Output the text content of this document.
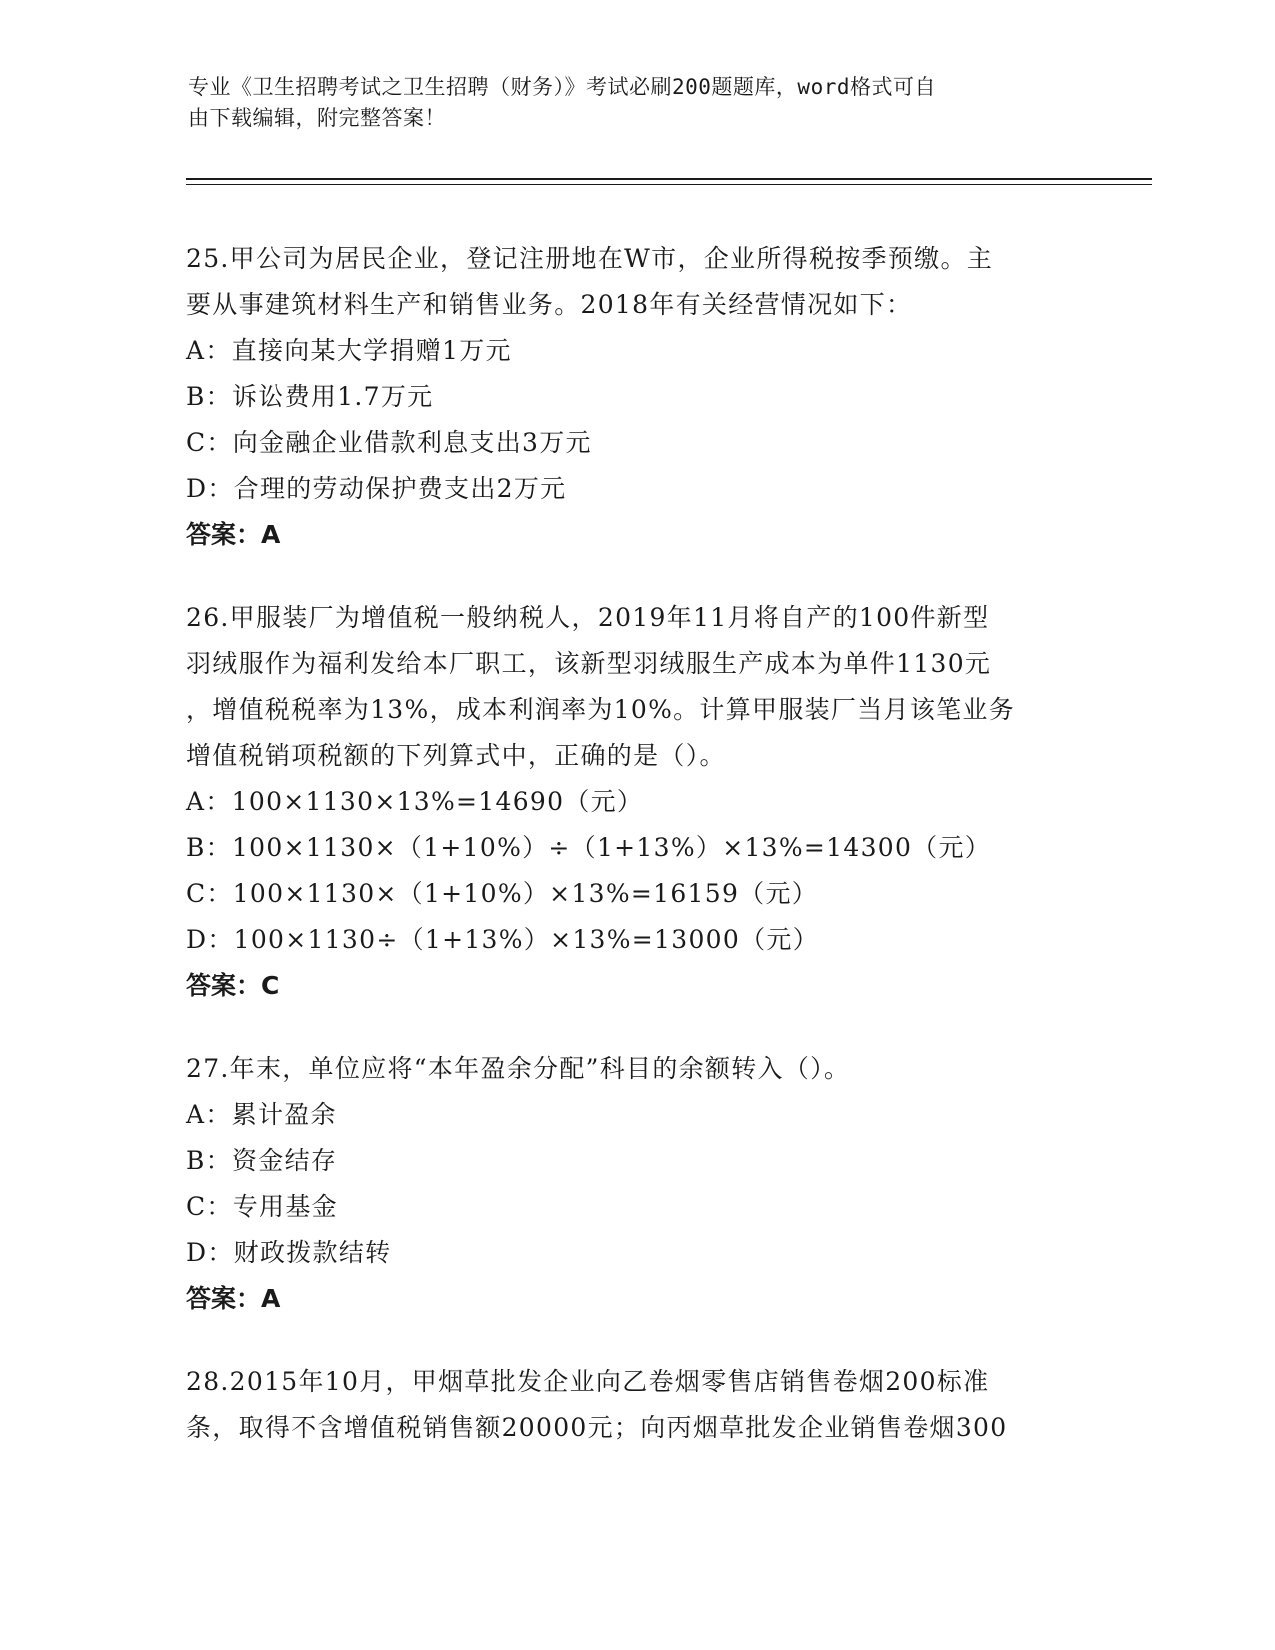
专业《卫生招聘考试之卫生招聘（财务）》考试必刷200题题库，word格式可自
由下载编辑，附完整答案！
25.甲公司为居民企业，登记注册地在W市，企业所得税按季预缴。主
要从事建筑材料生产和销售业务。2018年有关经营情况如下：
A：直接向某大学捐赠1万元
B：诉讼费用1.7万元
C：向金融企业借款利息支出3万元
D：合理的劳动保护费支出2万元
答案：A
26.甲服装厂为增值税一般纳税人，2019年11月将自产的100件新型
羽绒服作为福利发给本厂职工，该新型羽绒服生产成本为单件1130元
，增值税税率为13%，成本利润率为10%。计算甲服装厂当月该笔业务
增值税销项税额的下列算式中，正确的是（）。
A：100×1130×13%=14690（元）
B：100×1130×（1+10%）÷（1+13%）×13%=14300（元）
C：100×1130×（1+10%）×13%=16159（元）
D：100×1130÷（1+13%）×13%=13000（元）
答案：C
27.年末，单位应将“本年盈余分配”科目的余额转入（）。
A：累计盈余
B：资金结存
C：专用基金
D：财政拨款结转
答案：A
28.2015年10月，甲烟草批发企业向乙卷烟零售店销售卷烟200标准
条，取得不含增值税销售额20000元；向丙烟草批发企业销售卷烟300
